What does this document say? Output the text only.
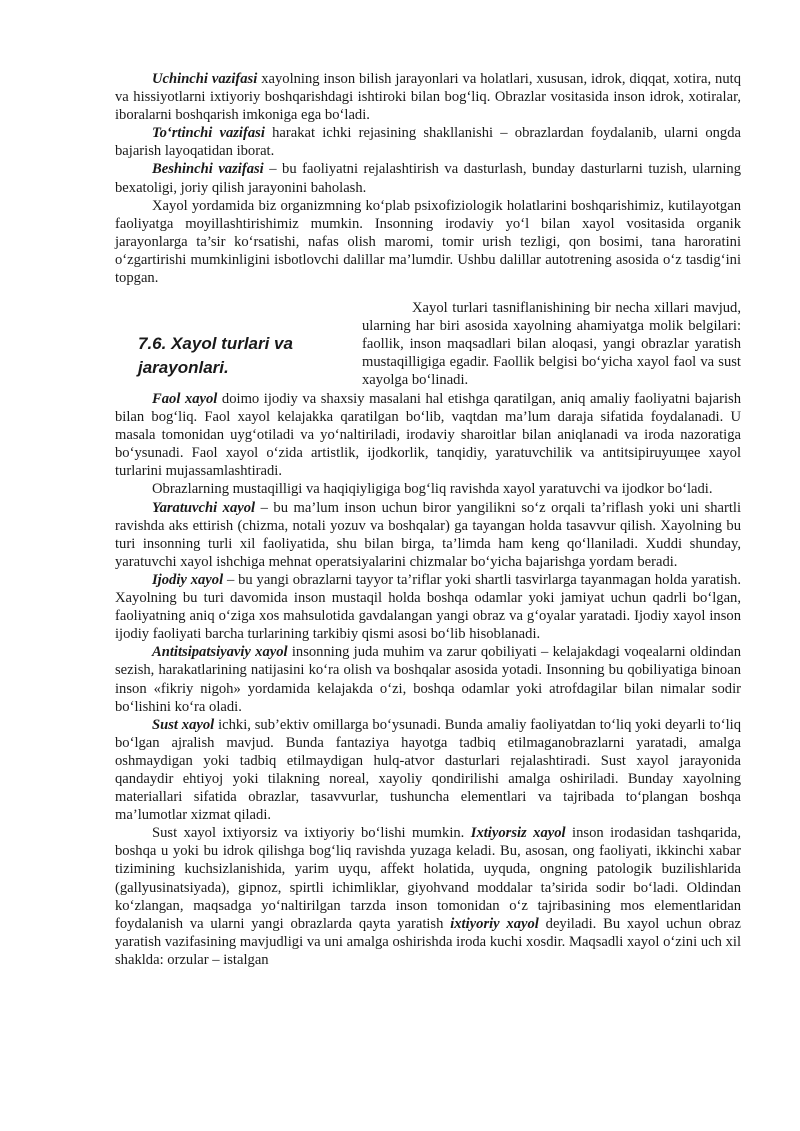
Uchinchi vazifasi xayolning inson bilish jarayonlari va holatlari, xususan, idrok, diqqat, xotira, nutq va hissiyotlarni ixtiyoriy boshqarishdagi ishtiroki bilan bog‘liq. Obrazlar vositasida inson idrok, xotiralar, iboralarni boshqarish imkoniga ega bo‘ladi.

To‘rtinchi vazifasi harakat ichki rejasining shakllanishi – obrazlardan foydalanib, ularni ongda bajarish layoqatidan iborat.

Beshinchi vazifasi – bu faoliyatni rejalashtirish va dasturlash, bunday dasturlarni tuzish, ularning bexatoligi, joriy qilish jarayonini baholash.

Xayol yordamida biz organizmning ko‘plab psixofiziologik holatlarini boshqarishimiz, kutilayotgan faoliyatga moyillashtirishimiz mumkin. Insonning irodaviy yo‘l bilan xayol vositasida organik jarayonlarga ta’sir ko‘rsatishi, nafas olish maromi, tomir urish tezligi, qon bosimi, tana haroratini o‘zgartirishi mumkinligini isbotlovchi dalillar ma’lumdir. Ushbu dalillar autotrening asosida o‘z tasdig‘ini topgan.

7.6. Xayol turlari va jarayonlari.

Xayol turlari tasniflanishining bir necha xillari mavjud, ularning har biri asosida xayolning ahamiyatga molik belgilari: faollik, inson maqsadlari bilan aloqasi, yangi obrazlar yaratish mustaqilligiga egadir. Faollik belgisi bo‘yicha xayol faol va sust xayolga bo‘linadi.

Faol xayol doimo ijodiy va shaxsiy masalani hal etishga qaratilgan, aniq amaliy faoliyatni bajarish bilan bog‘liq. Faol xayol kelajakka qaratilgan bo‘lib, vaqtdan ma’lum daraja sifatida foydalanadi. U masala tomonidan uyg‘otiladi va yo‘naltiriladi, irodaviy sharoitlar bilan aniqlanadi va iroda nazoratiga bo‘ysunadi. Faol xayol o‘zida artistlik, ijodkorlik, tanqidiy, yaratuvchilik va antitsipiruyuщee xayol turlarini mujassamlashtiradi.

Obrazlarning mustaqilligi va haqiqiyligiga bog‘liq ravishda xayol yaratuvchi va ijodkor bo‘ladi.

Yaratuvchi xayol – bu ma’lum inson uchun biror yangilikni so‘z orqali ta’riflash yoki uni shartli ravishda aks ettirish (chizma, notali yozuv va boshqalar) ga tayangan holda tasavvur qilish. Xayolning bu turi insonning turli xil faoliyatida, shu bilan birga, ta’limda ham keng qo‘llaniladi. Xuddi shunday, yaratuvchi xayol ishchiga mehnat operatsiyalarini chizmalar bo‘yicha bajarishga yordam beradi.

Ijodiy xayol – bu yangi obrazlarni tayyor ta’riflar yoki shartli tasvirlarga tayanmagan holda yaratish. Xayolning bu turi davomida inson mustaqil holda boshqa odamlar yoki jamiyat uchun qadrli bo‘lgan, faoliyatning aniq o‘ziga xos mahsulotida gavdalangan yangi obraz va g‘oyalar yaratadi. Ijodiy xayol inson ijodiy faoliyati barcha turlarining tarkibiy qismi asosi bo‘lib hisoblanadi.

Antitsipatsiyaviy xayol insonning juda muhim va zarur qobiliyati – kelajakdagi voqealarni oldindan sezish, harakatlarining natijasini ko‘ra olish va boshqalar asosida yotadi. Insonning bu qobiliyatiga binoan inson «fikriy nigoh» yordamida kelajakda o‘zi, boshqa odamlar yoki atrofdagilar bilan nimalar sodir bo‘lishini ko‘ra oladi.

Sust xayol ichki, sub’ektiv omillarga bo‘ysunadi. Bunda amaliy faoliyatdan to‘liq yoki deyarli to‘liq bo‘lgan ajralish mavjud. Bunda fantaziya hayotga tadbiq etilmaganobrazlarni yaratadi, amalga oshmaydigan yoki tadbiq etilmaydigan hulq-atvor dasturlari rejalashtiradi. Sust xayol jarayonida qandaydir ehtiyoj yoki tilakning noreal, xayoliy qondirilishi amalga oshiriladi. Bunday xayolning materiallari sifatida obrazlar, tasavvurlar, tushuncha elementlari va tajribada to‘plangan boshqa ma’lumotlar xizmat qiladi.

Sust xayol ixtiyorsiz va ixtiyoriy bo‘lishi mumkin. Ixtiyorsiz xayol inson irodasidan tashqarida, boshqa u yoki bu idrok qilishga bog‘liq ravishda yuzaga keladi. Bu, asosan, ong faoliyati, ikkinchi xabar tizimining kuchsizlanishida, yarim uyqu, affekt holatida, uyquda, ongning patologik buzilishlarida (gallyusinatsiyada), gipnoz, spirtli ichimliklar, giyohvand moddalar ta’sirida sodir bo‘ladi. Oldindan ko‘zlangan, maqsadga yo‘naltirilgan tarzda inson tomonidan o‘z tajribasining mos elementlaridan foydalanish va ularni yangi obrazlarda qayta yaratish ixtiyoriy xayol deyiladi. Bu xayol uchun obraz yaratish vazifasining mavjudligi va uni amalga oshirishda iroda kuchi xosdir. Maqsadli xayol o‘zini uch xil shaklda: orzular – istalgan
